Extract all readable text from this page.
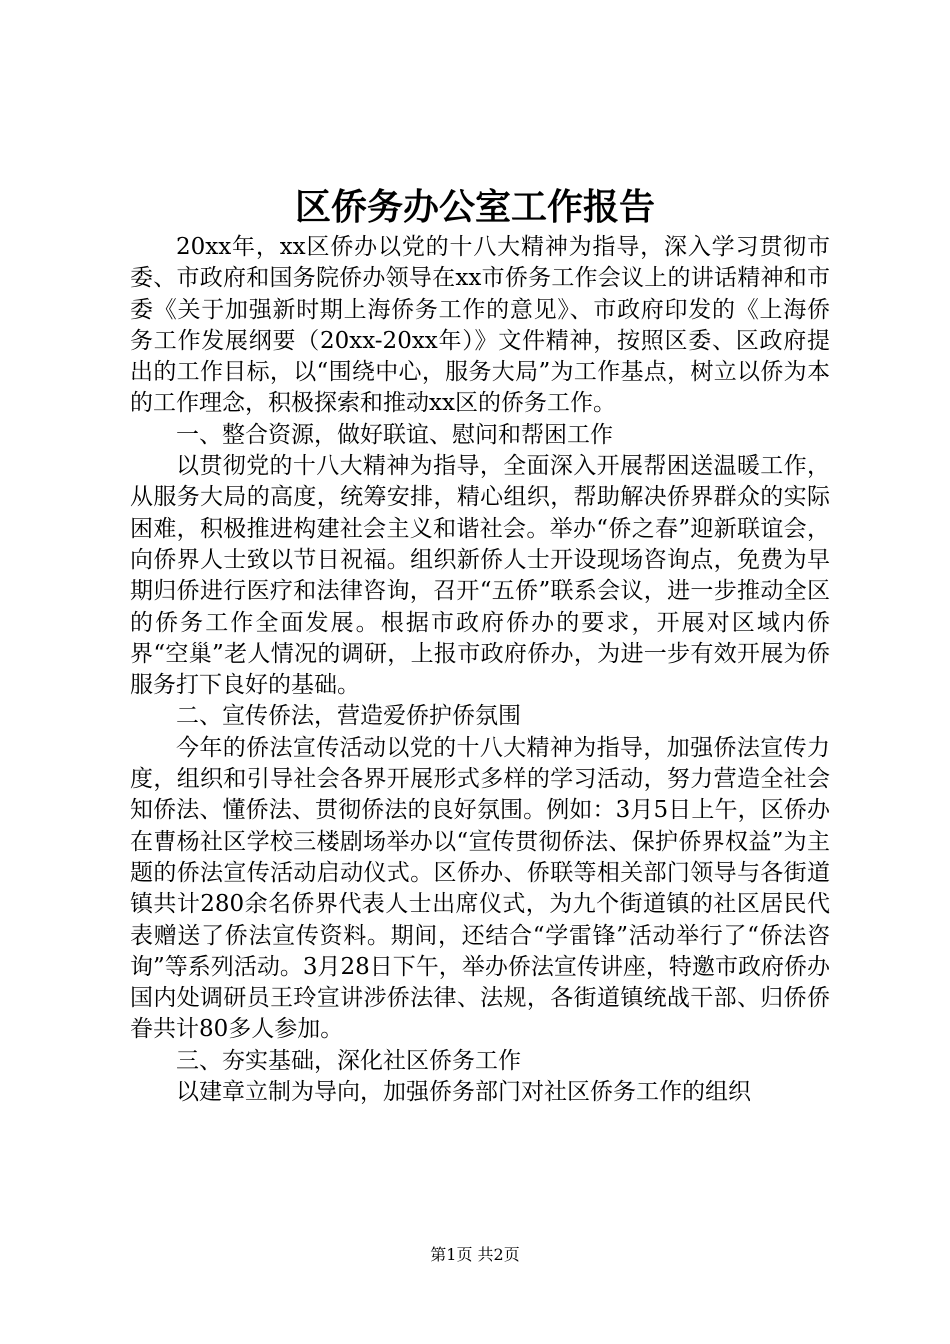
区侨务办公室工作报告

20xx年，xx区侨办以党的十八大精神为指导，深入学习贯彻市委、市政府和国务院侨办领导在xx市侨务工作会议上的讲话精神和市委《关于加强新时期上海侨务工作的意见》、市政府印发的《上海侨务工作发展纲要（20xx-20xx年）》文件精神，按照区委、区政府提出的工作目标，以“围绕中心，服务大局”为工作基点，树立以侨为本的工作理念，积极探索和推动xx区的侨务工作。

一、整合资源，做好联谊、慰问和帮困工作

以贯彻党的十八大精神为指导，全面深入开展帮困送温暖工作，从服务大局的高度，统筹安排，精心组织，帮助解决侨界群众的实际困难，积极推进构建社会主义和谐社会。举办“侨之春”迎新联谊会，向侨界人士致以节日祝福。组织新侨人士开设现场咨询点，免费为早期归侨进行医疗和法律咨询，召开“五侨”联系会议，进一步推动全区的侨务工作全面发展。根据市政府侨办的要求，开展对区域内侨界“空巢”老人情况的调研，上报市政府侨办，为进一步有效开展为侨服务打下良好的基础。

二、宣传侨法，营造爱侨护侨氛围

今年的侨法宣传活动以党的十八大精神为指导，加强侨法宣传力度，组织和引导社会各界开展形式多样的学习活动，努力营造全社会知侨法、懂侨法、贯彻侨法的良好氛围。例如：3月5日上午，区侨办在曹杨社区学校三楼剧场举办以“宣传贯彻侨法、保护侨界权益”为主题的侨法宣传活动启动仪式。区侨办、侨联等相关部门领导与各街道镇共计280余名侨界代表人士出席仪式，为九个街道镇的社区居民代表赠送了侨法宣传资料。期间，还结合“学雷锋”活动举行了“侨法咨询”等系列活动。3月28日下午，举办侨法宣传讲座，特邀市政府侨办国内处调研员王玲宣讲涉侨法律、法规，各街道镇统战干部、归侨侨眷共计80多人参加。

三、夯实基础，深化社区侨务工作

以建章立制为导向，加强侨务部门对社区侨务工作的组织

第1页 共2页
